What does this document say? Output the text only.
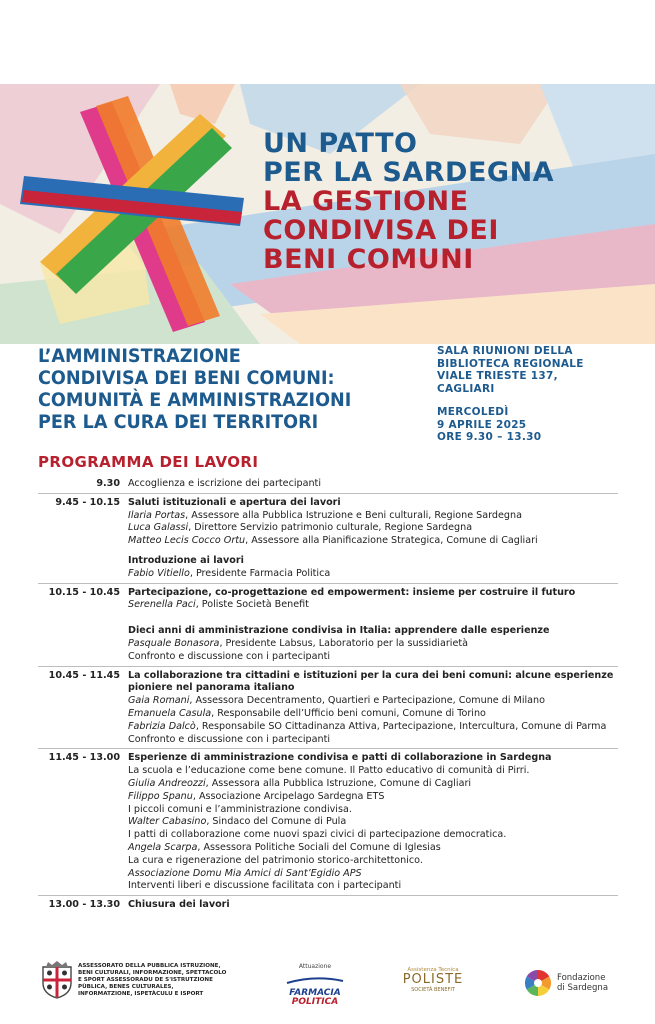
UN PATTO
PER LA SARDEGNA
LA GESTIONE
CONDIVISA DEI
BENI COMUNI
L’AMMINISTRAZIONE
CONDIVISA DEI BENI COMUNI:
COMUNITÀ E AMMINISTRAZIONI
PER LA CURA DEI TERRITORI
SALA RIUNIONI DELLA
BIBLIOTECA REGIONALE
VIALE TRIESTE 137,
CAGLIARI
MERCOLEDÌ
9 APRILE 2025
ORE 9.30 – 13.30
PROGRAMMA DEI LAVORI
9.30 Accoglienza e iscrizione dei partecipanti
9.45 - 10.15 Saluti istituzionali e apertura dei lavori
Ilaria Portas, Assessore alla Pubblica Istruzione e Beni culturali, Regione Sardegna
Luca Galassi, Direttore Servizio patrimonio culturale, Regione Sardegna
Matteo Lecis Cocco Ortu, Assessore alla Pianificazione Strategica, Comune di Cagliari
Introduzione ai lavori
Fabio Vitiello, Presidente Farmacia Politica
10.15 - 10.45 Partecipazione, co-progettazione ed empowerment: insieme per costruire il futuro
Serenella Paci, Poliste Società Benefit
Dieci anni di amministrazione condivisa in Italia: apprendere dalle esperienze
Pasquale Bonasora, Presidente Labsus, Laboratorio per la sussidiarietà
Confronto e discussione con i partecipanti
10.45 - 11.45 La collaborazione tra cittadini e istituzioni per la cura dei beni comuni: alcune esperienze pioniere nel panorama italiano
Gaia Romani, Assessora Decentramento, Quartieri e Partecipazione, Comune di Milano
Emanuela Casula, Responsabile dell’Ufficio beni comuni, Comune di Torino
Fabrizia Dalcò, Responsabile SO Cittadinanza Attiva, Partecipazione, Intercultura, Comune di Parma
Confronto e discussione con i partecipanti
11.45 - 13.00 Esperienze di amministrazione condivisa e patti di collaborazione in Sardegna
La scuola e l’educazione come bene comune. Il Patto educativo di comunità di Pirri.
Giulia Andreozzi, Assessora alla Pubblica Istruzione, Comune di Cagliari
Filippo Spanu, Associazione Arcipelago Sardegna ETS
I piccoli comuni e l’amministrazione condivisa.
Walter Cabasino, Sindaco del Comune di Pula
I patti di collaborazione come nuovi spazi civici di partecipazione democratica.
Angela Scarpa, Assessora Politiche Sociali del Comune di Iglesias
La cura e rigenerazione del patrimonio storico-architettonico.
Associazione Domu Mia Amici di Sant’Egidio APS
Interventi liberi e discussione facilitata con i partecipanti
13.00 - 13.30 Chiusura dei lavori
ASSESSORATO DELLA PUBBLICA ISTRUZIONE, BENI CULTURALI, INFORMAZIONE, SPETTACOLO E SPORT ASSESSORADU DE S'ISTRUTZIONE PÙBLICA, BENES CULTURALES, INFORMATZIONE, ISPETÀCULU E ISPORT
Attuazione
FARMACIA
POLITICA
Assistenza Tecnica
POLISTE
SOCIETÀ BENEFIT
Fondazione
di Sardegna
